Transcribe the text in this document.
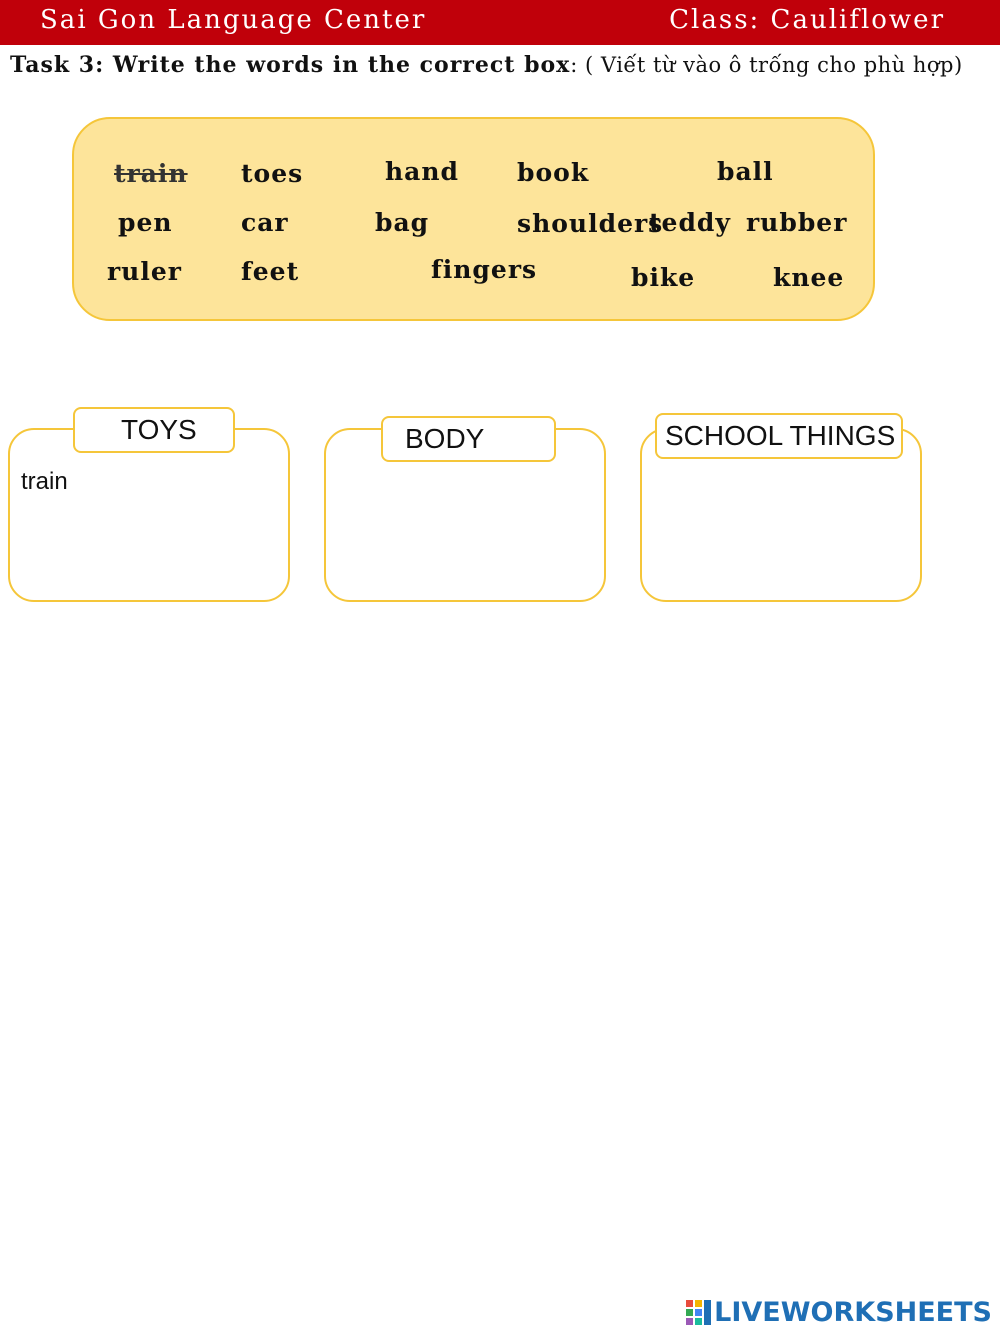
Sai Gon Language Center	Class: Cauliflower
Task 3: Write the words in the correct box: ( Viết từ vào ô trống cho phù hợp)
train toes	hand book	ball
pen	car	bag	shoulders
teddy rubber
ruler feet	fingers	bike	knee
train
TOYS	BODY	SCHOOL THINGS
LIVEWORKSHEETS
